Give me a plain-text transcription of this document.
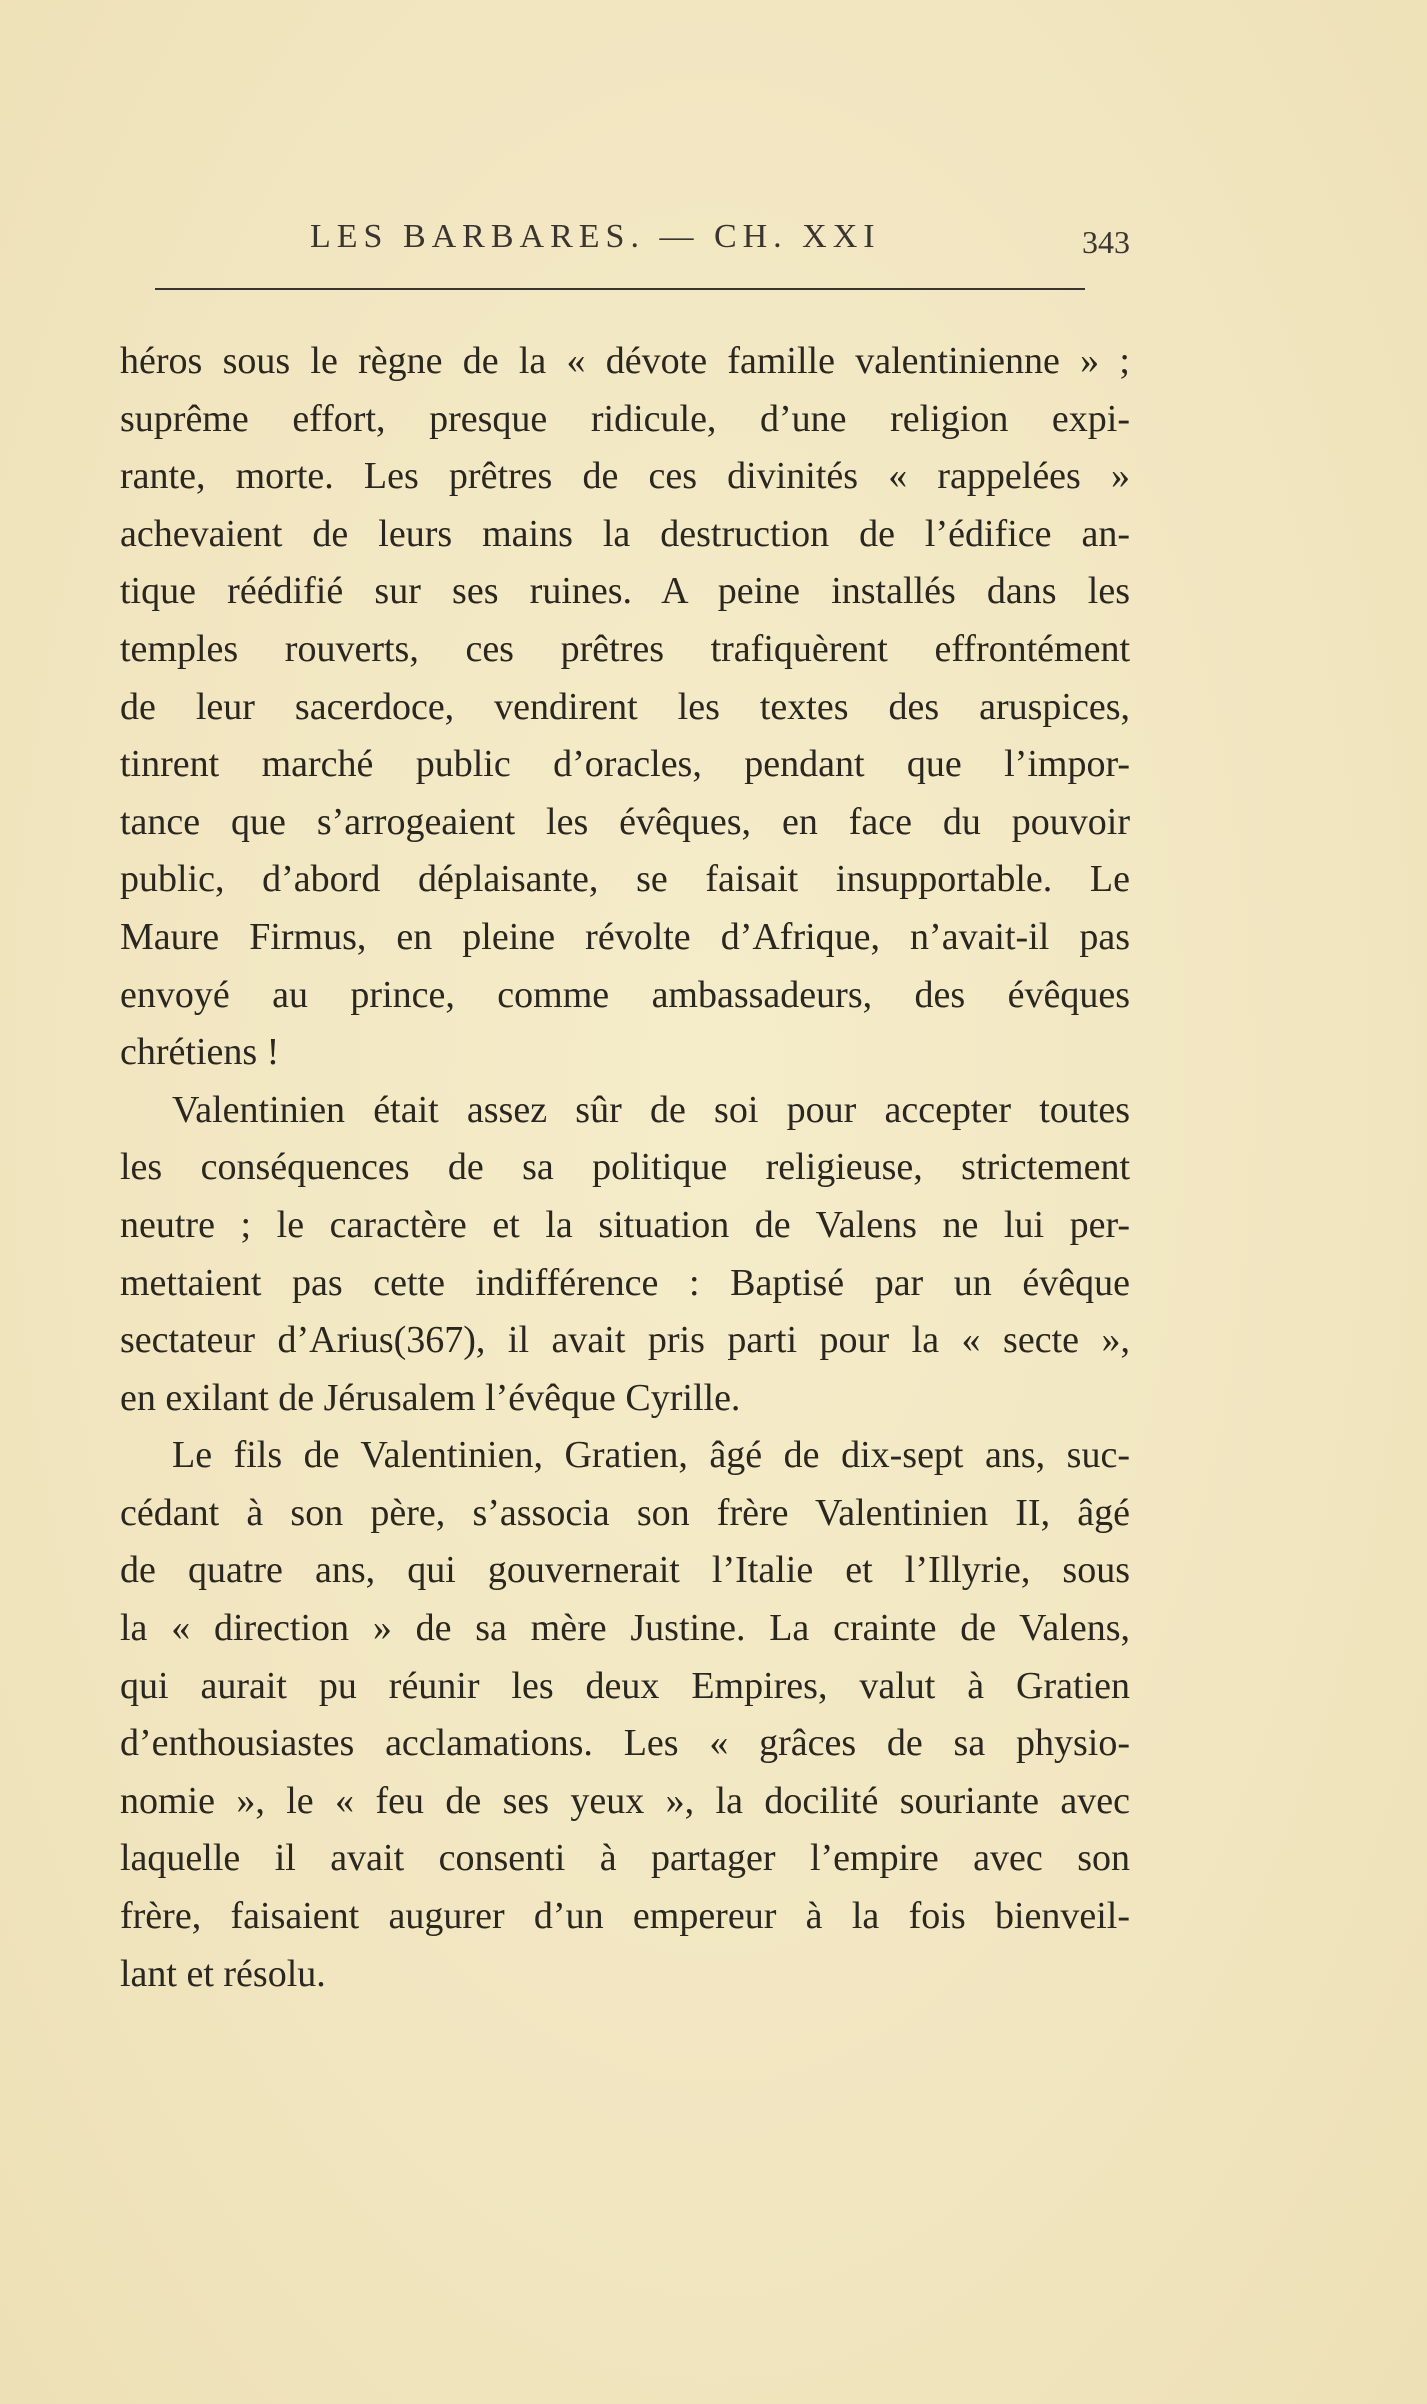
LES BARBARES. — CH. XXI	343
héros sous le règne de la « dévote famille valentinienne » ;
suprême effort, presque ridicule, d’une religion expi-
rante, morte. Les prêtres de ces divinités « rappelées »
achevaient de leurs mains la destruction de l’édifice an-
tique réédifié sur ses ruines. A peine installés dans les
temples rouverts, ces prêtres trafiquèrent effrontément
de leur sacerdoce, vendirent les textes des aruspices,
tinrent marché public d’oracles, pendant que l’impor-
tance que s’arrogeaient les évêques, en face du pouvoir
public, d’abord déplaisante, se faisait insupportable. Le
Maure Firmus, en pleine révolte d’Afrique, n’avait-il pas
envoyé au prince, comme ambassadeurs, des évêques
chrétiens !
Valentinien était assez sûr de soi pour accepter toutes
les conséquences de sa politique religieuse, strictement
neutre ; le caractère et la situation de Valens ne lui per-
mettaient pas cette indifférence : Baptisé par un évêque
sectateur d’Arius(367), il avait pris parti pour la « secte »,
en exilant de Jérusalem l’évêque Cyrille.
Le fils de Valentinien, Gratien, âgé de dix-sept ans, suc-
cédant à son père, s’associa son frère Valentinien II, âgé
de quatre ans, qui gouvernerait l’Italie et l’Illyrie, sous
la « direction » de sa mère Justine. La crainte de Valens,
qui aurait pu réunir les deux Empires, valut à Gratien
d’enthousiastes acclamations. Les « grâces de sa physio-
nomie », le « feu de ses yeux », la docilité souriante avec
laquelle il avait consenti à partager l’empire avec son
frère, faisaient augurer d’un empereur à la fois bienveil-
lant et résolu.
